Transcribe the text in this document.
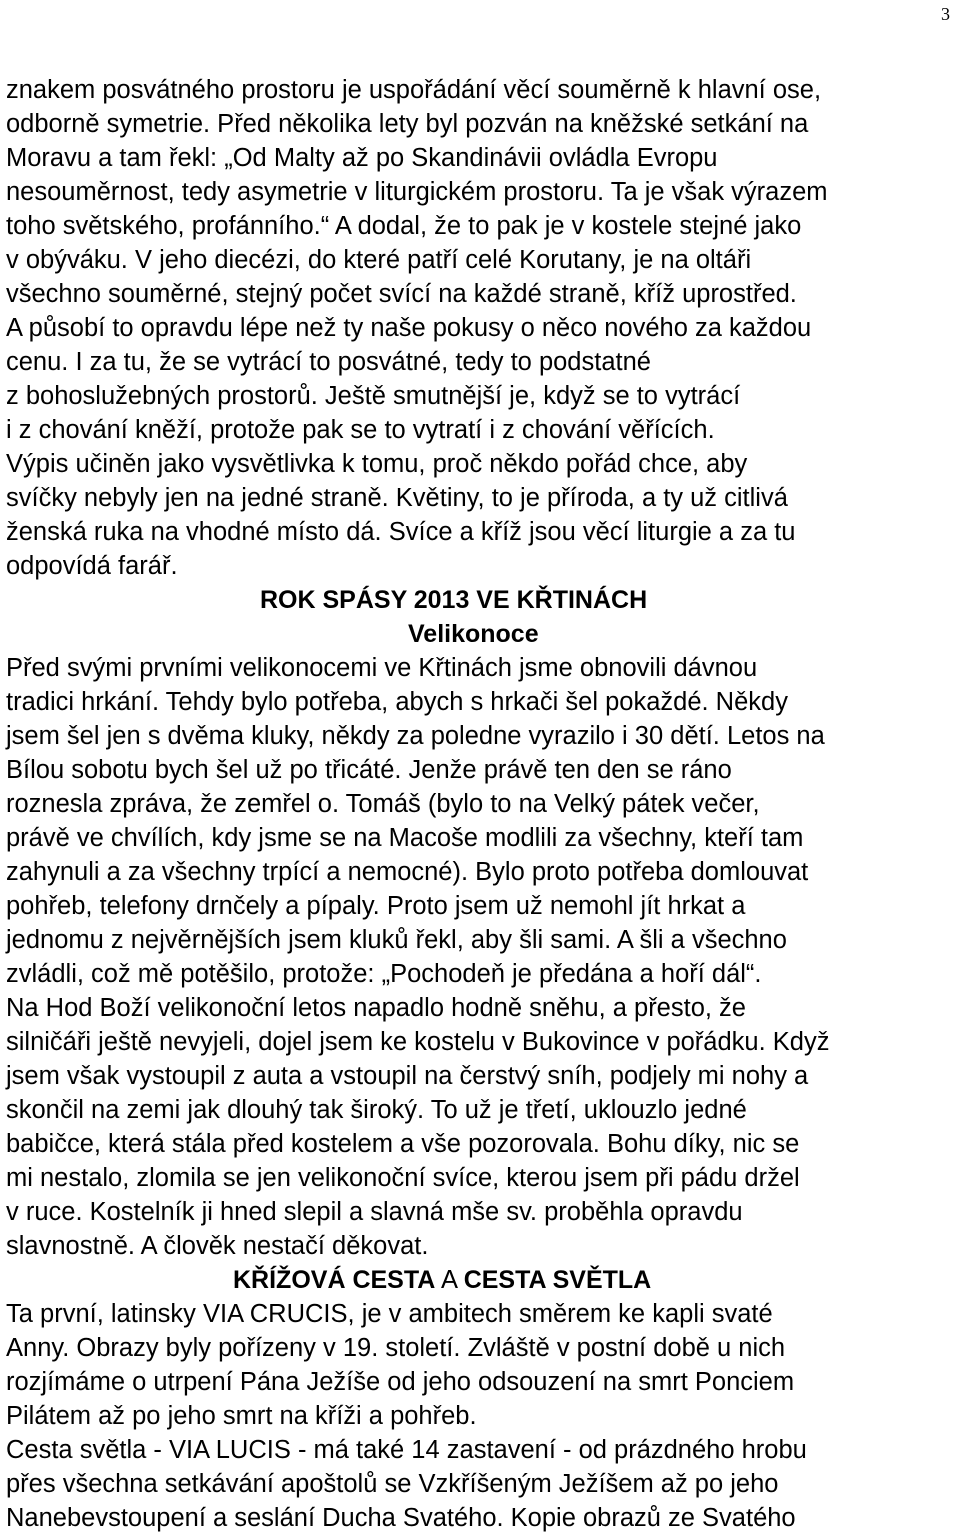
3
znakem posvátného prostoru je uspořádání věcí souměrně k hlavní ose,
odborně symetrie. Před několika lety byl pozván na kněžské setkání na
Moravu a tam řekl: „Od Malty až po Skandinávii ovládla Evropu
nesouměrnost, tedy asymetrie v liturgickém prostoru. Ta je však výrazem
toho světského, profánního.“ A dodal, že to pak je v kostele stejné jako
v obýváku. V jeho diecézi, do které patří celé Korutany, je na oltáři
všechno souměrné, stejný počet svící na každé straně, kříž uprostřed.
A působí to opravdu lépe než ty naše pokusy o něco nového za každou
cenu. I za tu, že se vytrácí to posvátné, tedy to podstatné
z bohoslužebných prostorů. Ještě smutnější je, když se to vytrácí
i z chování kněží, protože pak se to vytratí i z chování věřících.
Výpis učiněn jako vysvětlivka k tomu, proč někdo pořád chce, aby
svíčky nebyly jen na jedné straně. Květiny, to je příroda, a ty už citlivá
ženská ruka na vhodné místo dá. Svíce a kříž jsou věcí liturgie a za tu
odpovídá farář.
ROK SPÁSY 2013 VE KŘTINÁCH
Velikonoce
Před svými prvními velikonocemi ve Křtinách jsme obnovili dávnou
tradici hrkání. Tehdy bylo potřeba, abych s hrkači šel pokaždé. Někdy
jsem šel jen s dvěma kluky, někdy za poledne vyrazilo i 30 dětí. Letos na
Bílou sobotu bych šel už po třicáté. Jenže právě ten den se ráno
roznesla zpráva, že zemřel o. Tomáš (bylo to na Velký pátek večer,
právě ve chvílích, kdy jsme se na Macoše modlili za všechny, kteří tam
zahynuli a za všechny trpící a nemocné). Bylo proto potřeba domlouvat
pohřeb, telefony drnčely a pípaly. Proto jsem už nemohl jít hrkat a
jednomu z nejvěrnějších jsem kluků řekl, aby šli sami. A šli a všechno
zvládli, což mě potěšilo, protože: „Pochodeň je předána a hoří dál“.
Na Hod Boží velikonoční letos napadlo hodně sněhu, a přesto, že
silničáři ještě nevyjeli, dojel jsem ke kostelu v Bukovince v pořádku. Když
jsem však vystoupil z auta a vstoupil na čerstvý sníh, podjely mi nohy a
skončil na zemi jak dlouhý tak široký. To už je třetí, uklouzlo jedné
babičce, která stála před kostelem a vše pozorovala. Bohu díky, nic se
mi nestalo, zlomila se jen velikonoční svíce, kterou jsem při pádu držel
v ruce. Kostelník ji hned slepil a slavná mše sv. proběhla opravdu
slavnostně. A člověk nestačí děkovat.
KŘÍŽOVÁ CESTA A CESTA SVĚTLA
Ta první, latinsky VIA CRUCIS, je v ambitech směrem ke kapli svaté
Anny. Obrazy byly pořízeny v 19. století. Zvláště v postní době u nich
rozjímáme o utrpení Pána Ježíše od jeho odsouzení na smrt Ponciem
Pilátem až po jeho smrt na kříži a pohřeb.
Cesta světla - VIA LUCIS - má také 14 zastavení - od prázdného hrobu
přes všechna setkávání apoštolů se Vzkříšeným Ježíšem až po jeho
Nanebevstoupení a seslání Ducha Svatého. Kopie obrazů ze Svatého
